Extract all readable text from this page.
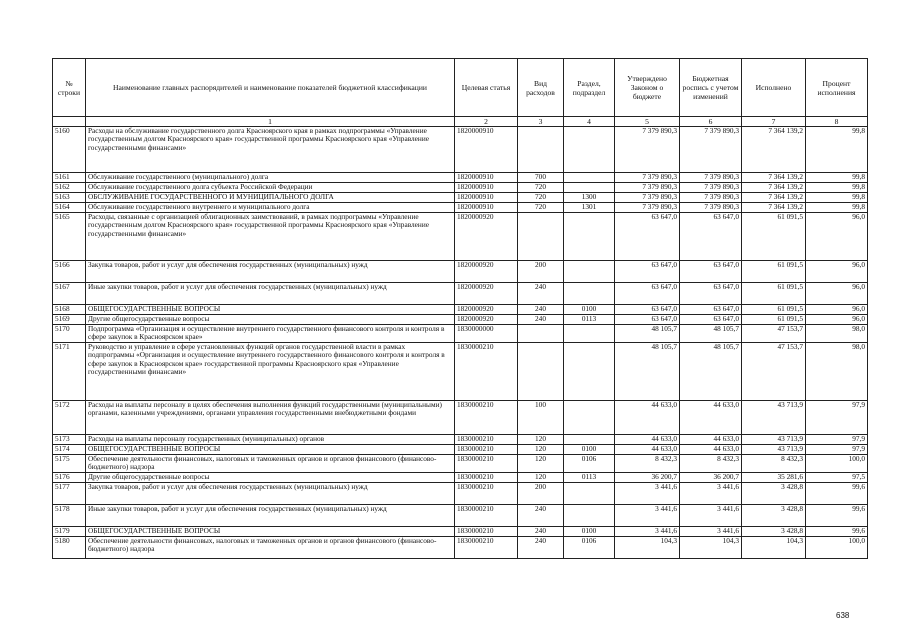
№ строки	Наименование главных распорядителей и наименование показателей бюджетной классификации	Целевая статья	Вид расходов	Раздел, подраздел	Утверждено Законом о бюджете	Бюджетная роспись с учетом изменений	Исполнено	Процент исполнения
	1	2	3	4	5	6	7	8
5160	Расходы на обслуживание государственного долга Красноярского края в рамках подпрограммы «Управление государственным долгом Красноярского края» государственной программы Красноярского края «Управление государственными финансами»	1820000910			7 379 890,3	7 379 890,3	7 364 139,2	99,8
5161	Обслуживание государственного (муниципального) долга	1820000910	700		7 379 890,3	7 379 890,3	7 364 139,2	99,8
5162	Обслуживание государственного долга субъекта Российской Федерации	1820000910	720		7 379 890,3	7 379 890,3	7 364 139,2	99,8
5163	ОБСЛУЖИВАНИЕ ГОСУДАРСТВЕННОГО И МУНИЦИПАЛЬНОГО ДОЛГА	1820000910	720	1300	7 379 890,3	7 379 890,3	7 364 139,2	99,8
5164	Обслуживание государственного внутреннего и муниципального долга	1820000910	720	1301	7 379 890,3	7 379 890,3	7 364 139,2	99,8
5165	Расходы, связанные с организацией облигационных заимствований, в рамках подпрограммы «Управление государственным долгом Красноярского края» государственной программы Красноярского края «Управление государственными финансами»	1820000920			63 647,0	63 647,0	61 091,5	96,0
5166	Закупка товаров, работ и услуг для обеспечения государственных (муниципальных) нужд	1820000920	200		63 647,0	63 647,0	61 091,5	96,0
5167	Иные закупки товаров, работ и услуг для обеспечения государственных (муниципальных) нужд	1820000920	240		63 647,0	63 647,0	61 091,5	96,0
5168	ОБЩЕГОСУДАРСТВЕННЫЕ ВОПРОСЫ	1820000920	240	0100	63 647,0	63 647,0	61 091,5	96,0
5169	Другие общегосударственные вопросы	1820000920	240	0113	63 647,0	63 647,0	61 091,5	96,0
5170	Подпрограмма «Организация и осуществление внутреннего государственного финансового контроля и контроля в сфере закупок в Красноярском крае»	1830000000			48 105,7	48 105,7	47 153,7	98,0
5171	Руководство и управление в сфере установленных функций органов государственной власти в рамках подпрограммы «Организация и осуществление внутреннего государственного финансового контроля и контроля в сфере закупок в Красноярском крае» государственной программы Красноярского края «Управление государственными финансами»	1830000210			48 105,7	48 105,7	47 153,7	98,0
5172	Расходы на выплаты персоналу в целях обеспечения выполнения функций государственными (муниципальными) органами, казенными учреждениями, органами управления государственными внебюджетными фондами	1830000210	100		44 633,0	44 633,0	43 713,9	97,9
5173	Расходы на выплаты персоналу государственных (муниципальных) органов	1830000210	120		44 633,0	44 633,0	43 713,9	97,9
5174	ОБЩЕГОСУДАРСТВЕННЫЕ ВОПРОСЫ	1830000210	120	0100	44 633,0	44 633,0	43 713,9	97,9
5175	Обеспечение деятельности финансовых, налоговых и таможенных органов и органов финансового (финансово-бюджетного) надзора	1830000210	120	0106	8 432,3	8 432,3	8 432,3	100,0
5176	Другие общегосударственные вопросы	1830000210	120	0113	36 200,7	36 200,7	35 281,6	97,5
5177	Закупка товаров, работ и услуг для обеспечения государственных (муниципальных) нужд	1830000210	200		3 441,6	3 441,6	3 428,8	99,6
5178	Иные закупки товаров, работ и услуг для обеспечения государственных (муниципальных) нужд	1830000210	240		3 441,6	3 441,6	3 428,8	99,6
5179	ОБЩЕГОСУДАРСТВЕННЫЕ ВОПРОСЫ	1830000210	240	0100	3 441,6	3 441,6	3 428,8	99,6
5180	Обеспечение деятельности финансовых, налоговых и таможенных органов и органов финансового (финансово-бюджетного) надзора	1830000210	240	0106	104,3	104,3	104,3	100,0
638
